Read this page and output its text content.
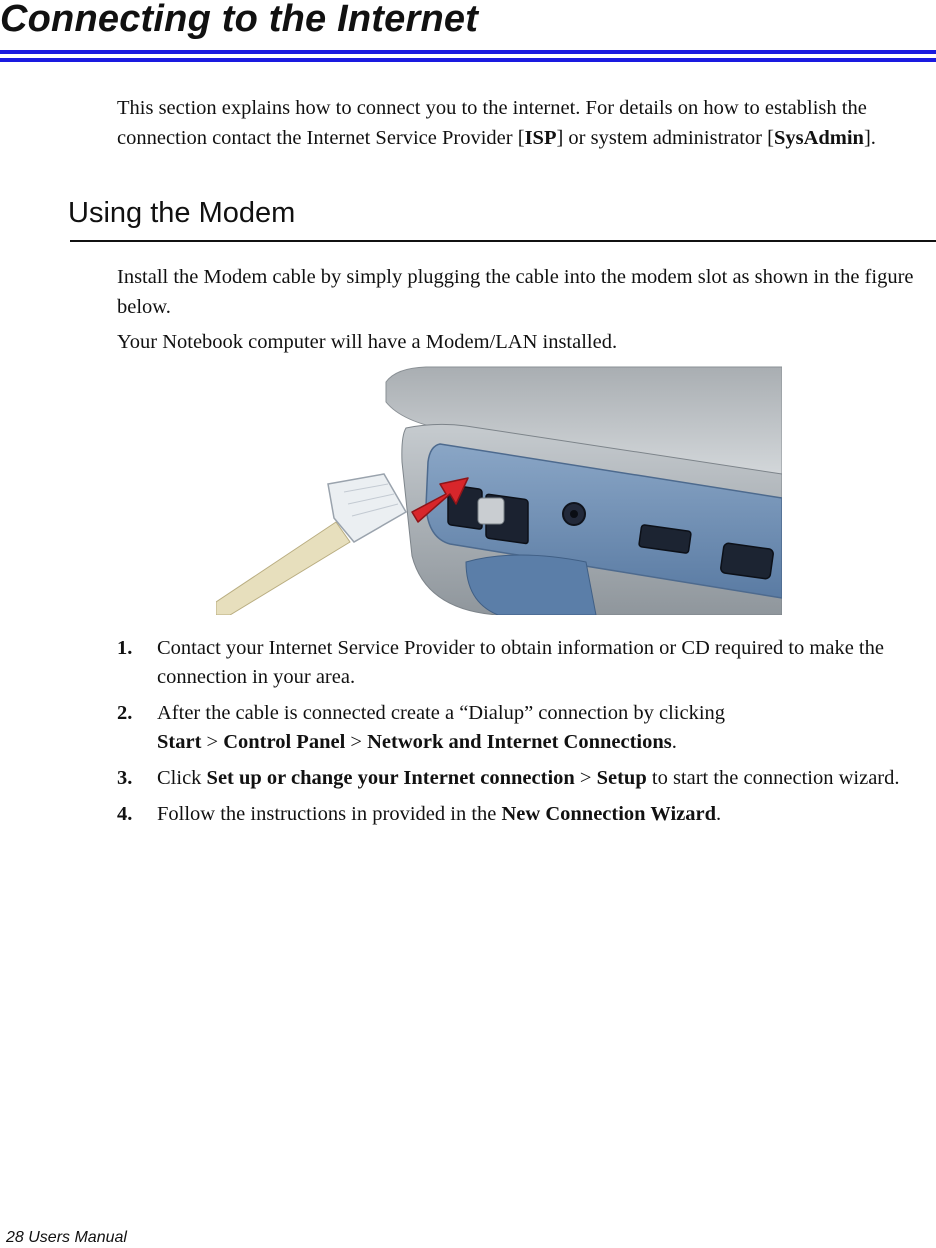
Connecting to the Internet

This section explains how to connect you to the internet. For details on how to establish the connection contact the Internet Service Provider [ISP] or system administrator [SysAdmin].

Using the Modem

Install the Modem cable by simply plugging the cable into the modem slot as shown in the figure below.

Your Notebook computer will have a Modem/LAN installed.

1. Contact your Internet Service Provider to obtain information or CD required to make the connection in your area.
2. After the cable is connected create a “Dialup” connection by clicking
Start > Control Panel > Network and Internet Connections.
3. Click Set up or change your Internet connection > Setup to start the connection wizard.
4. Follow the instructions in provided in the New Connection Wizard.

28 Users Manual
